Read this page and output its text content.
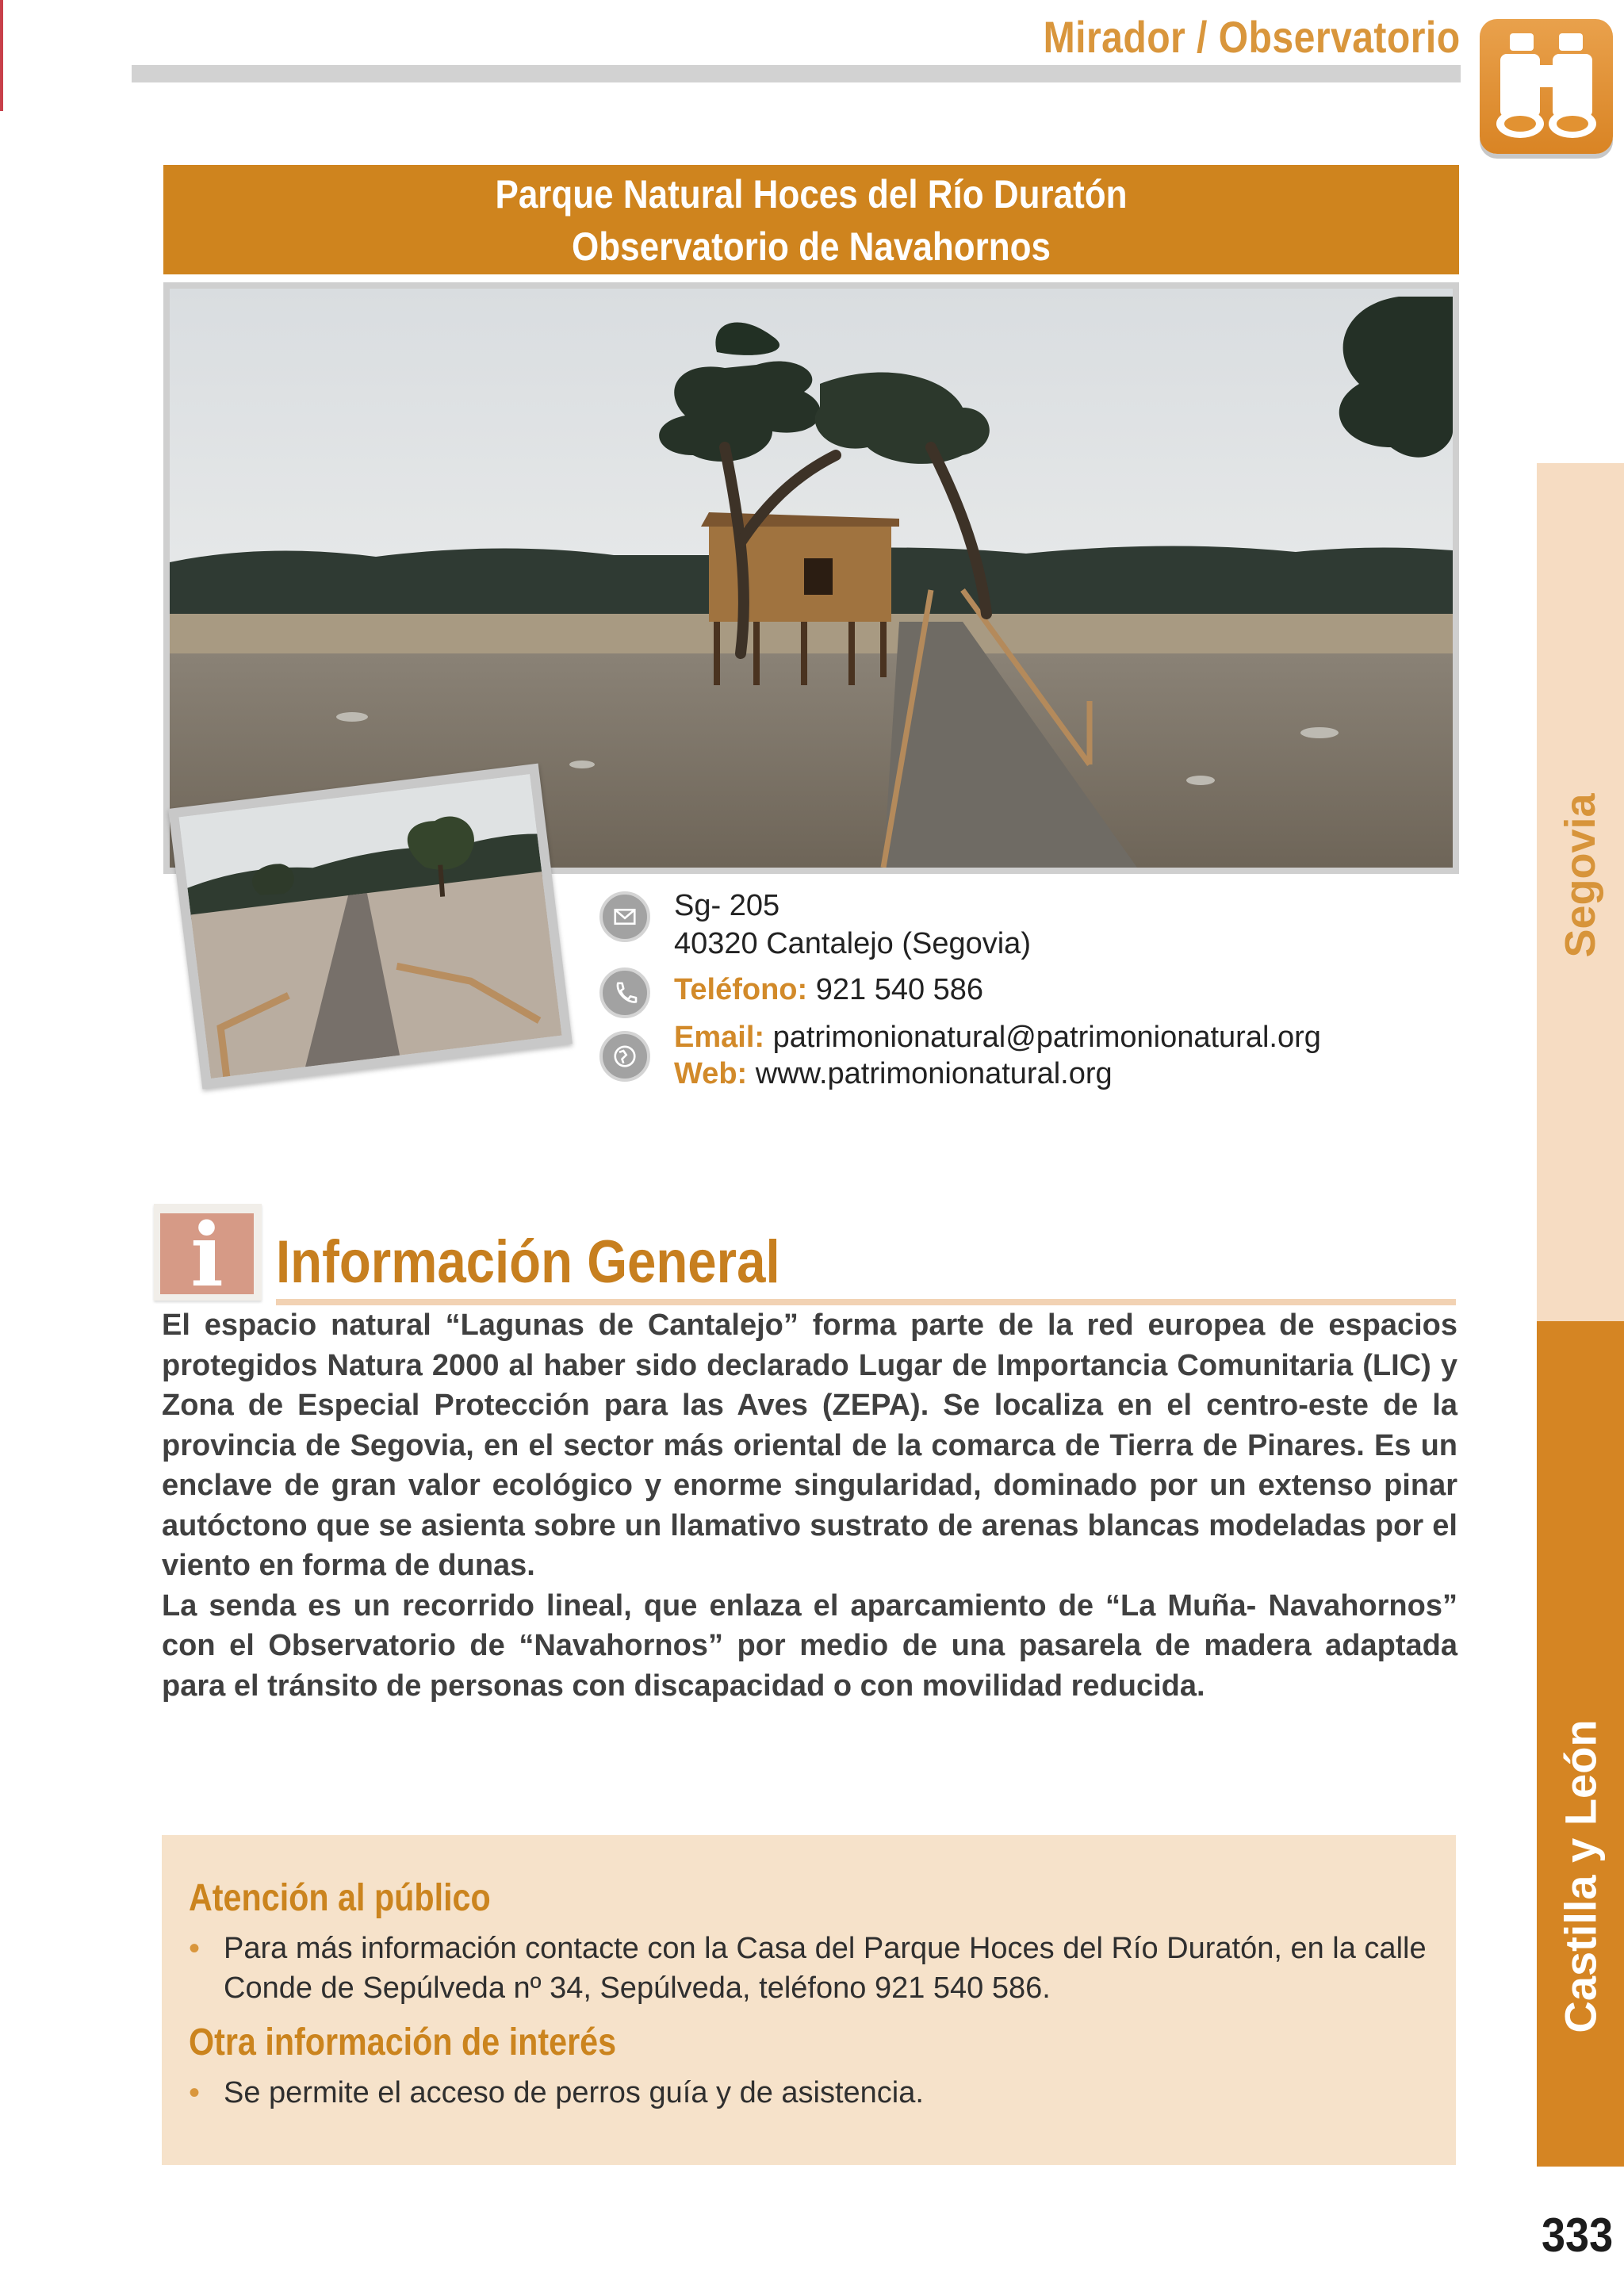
Mirador / Observatorio
Parque Natural Hoces del Río Duratón
Observatorio de Navahornos
Sg- 205
40320 Cantalejo (Segovia)
Teléfono: 921 540 586
Email: patrimonionatural@patrimonionatural.org
Web: www.patrimonionatural.org
i Información General

El espacio natural “Lagunas de Cantalejo” forma parte de la red europea de espacios protegidos Natura 2000 al haber sido declarado Lugar de Importancia Comunitaria (LIC) y Zona de Especial Protección para las Aves (ZEPA). Se localiza en el centro-este de la provincia de Segovia, en el sector más oriental de la comarca de Tierra de Pinares. Es un enclave de gran valor ecológico y enorme singularidad, dominado por un extenso pinar autóctono que se asienta sobre un llamativo sustrato de arenas blancas modeladas por el viento en forma de dunas.

La senda es un recorrido lineal, que enlaza el aparcamiento de “La Muña- Navahornos” con el Observatorio de “Navahornos” por medio de una pasarela de madera adaptada para el tránsito de personas con discapacidad o con movilidad reducida.

Atención al público
• Para más información contacte con la Casa del Parque Hoces del Río Duratón, en la calle Conde de Sepúlveda nº 34, Sepúlveda, teléfono 921 540 586.
Otra información de interés
• Se permite el acceso de perros guía y de asistencia.
Segovia
Castilla y León
333
